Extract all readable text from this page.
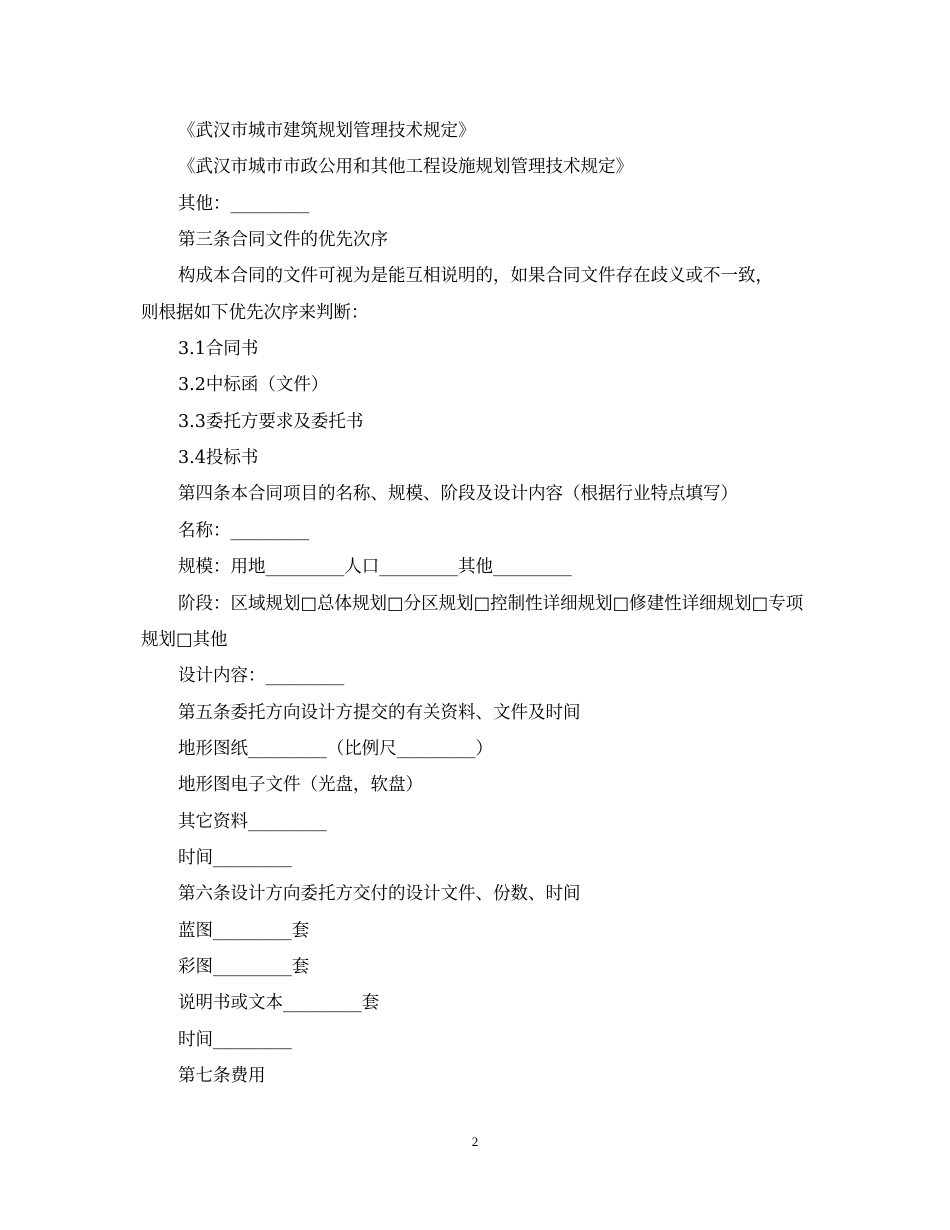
《武汉市城市建筑规划管理技术规定》
《武汉市城市市政公用和其他工程设施规划管理技术规定》
其他：_________
第三条合同文件的优先次序
构成本合同的文件可视为是能互相说明的，如果合同文件存在歧义或不一致，
则根据如下优先次序来判断：
3.1合同书
3.2中标函（文件）
3.3委托方要求及委托书
3.4投标书
第四条本合同项目的名称、规模、阶段及设计内容（根据行业特点填写）
名称：_________
规模：用地_________人口_________其他_________
阶段：区域规划□总体规划□分区规划□控制性详细规划□修建性详细规划□专项
规划□其他
设计内容：_________
第五条委托方向设计方提交的有关资料、文件及时间
地形图纸_________（比例尺_________）
地形图电子文件（光盘，软盘）
其它资料_________
时间_________
第六条设计方向委托方交付的设计文件、份数、时间
蓝图_________套
彩图_________套
说明书或文本_________套
时间_________
第七条费用
2
